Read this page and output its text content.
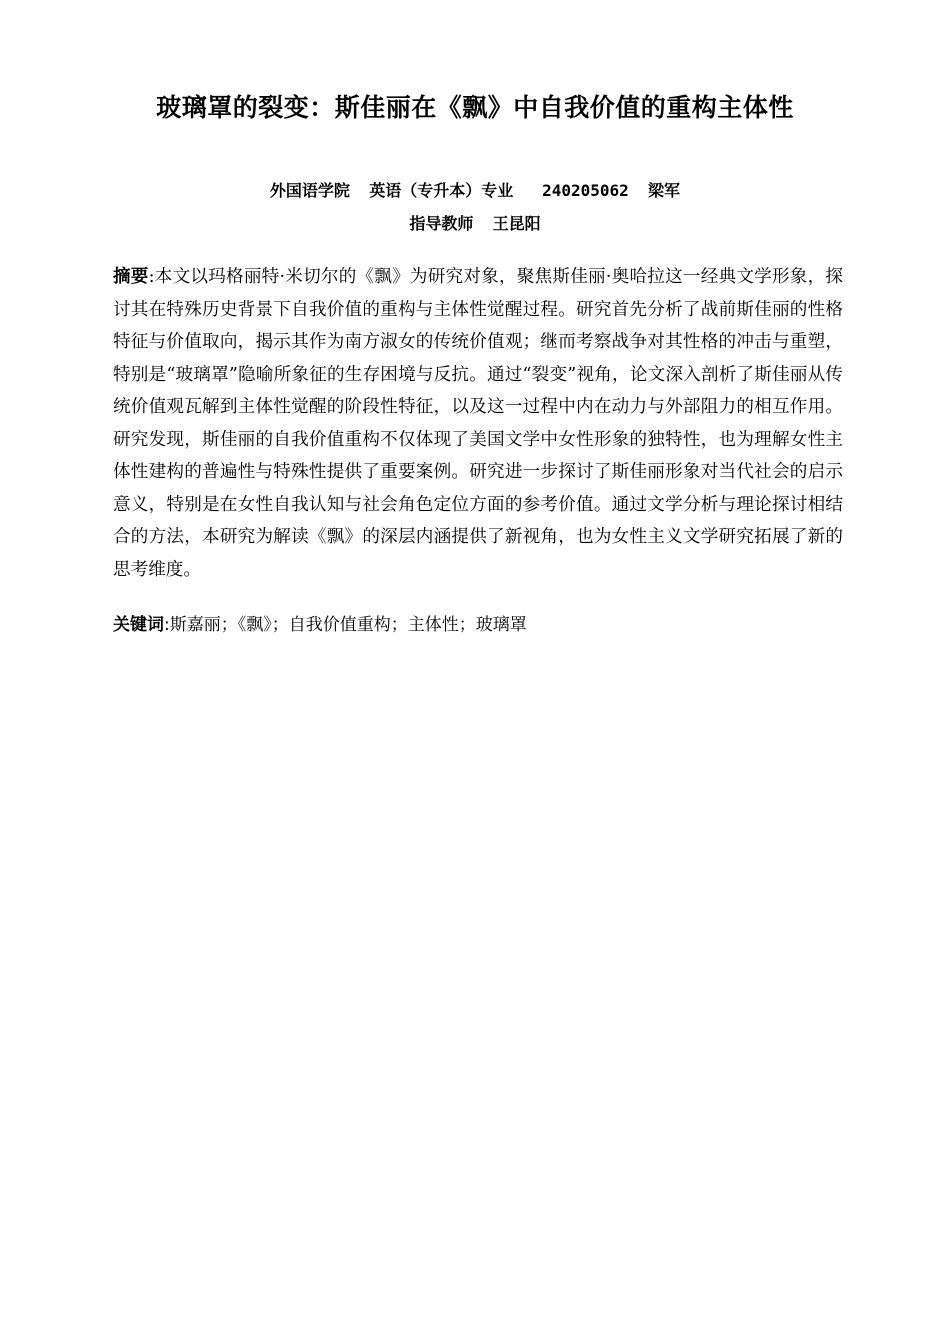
玻璃罩的裂变：斯佳丽在《飘》中自我价值的重构主体性
外国语学院  英语（专升本）专业   240205062  梁军
指导教师  王昆阳
摘要:本文以玛格丽特·米切尔的《飘》为研究对象，聚焦斯佳丽·奥哈拉这一经典文学形象，探讨其在特殊历史背景下自我价值的重构与主体性觉醒过程。研究首先分析了战前斯佳丽的性格特征与价值取向，揭示其作为南方淑女的传统价值观；继而考察战争对其性格的冲击与重塑，特别是“玻璃罩”隐喻所象征的生存困境与反抗。通过“裂变”视角，论文深入剖析了斯佳丽从传统价值观瓦解到主体性觉醒的阶段性特征，以及这一过程中内在动力与外部阻力的相互作用。研究发现，斯佳丽的自我价值重构不仅体现了美国文学中女性形象的独特性，也为理解女性主体性建构的普遍性与特殊性提供了重要案例。研究进一步探讨了斯佳丽形象对当代社会的启示意义，特别是在女性自我认知与社会角色定位方面的参考价值。通过文学分析与理论探讨相结合的方法，本研究为解读《飘》的深层内涵提供了新视角，也为女性主义文学研究拓展了新的思考维度。
关键词:斯嘉丽；《飘》；自我价值重构；主体性；玻璃罩
